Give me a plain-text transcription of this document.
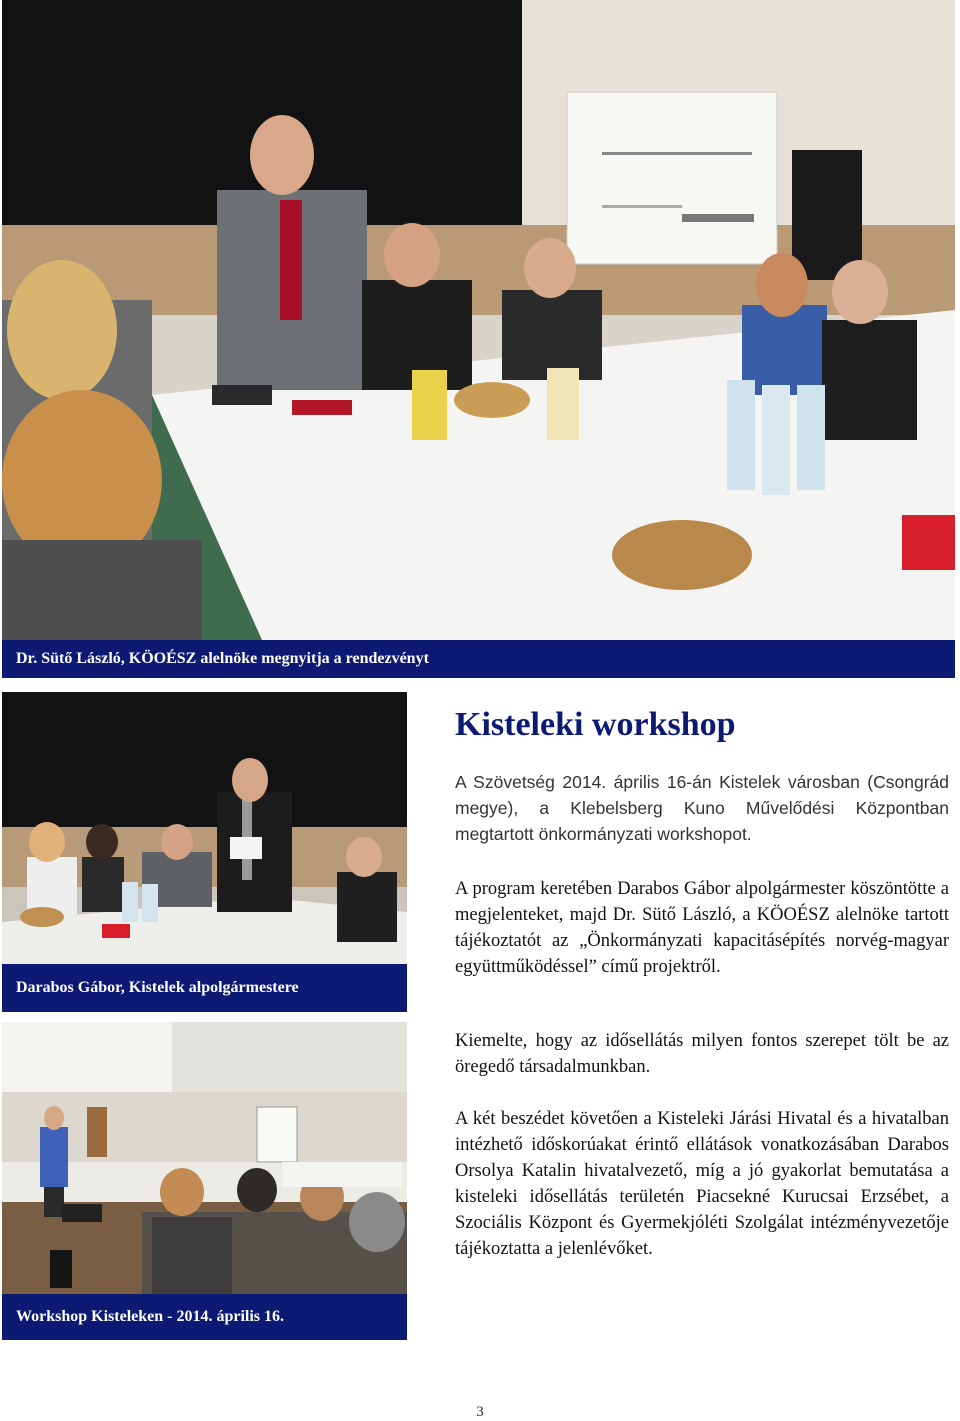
Dr. Sütő László, KÖOÉSZ alelnöke megnyitja a rendezvényt
Darabos Gábor, Kistelek alpolgármestere
Workshop Kisteleken - 2014. április 16.
Kisteleki workshop
A Szövetség 2014. április 16-án Kistelek városban (Csongrád megye), a Klebelsberg Kuno Művelődési Központban megtartott önkormányzati workshopot.
A program keretében Darabos Gábor alpolgármester köszöntötte a megjelenteket, majd Dr. Sütő László, a KÖOÉSZ alelnöke tartott tájékoztatót az „Önkormányzati kapacitásépítés norvég-magyar együttműködéssel” című projektről.
Kiemelte, hogy az idősellátás milyen fontos szerepet tölt be az öregedő társadalmunkban.
A két beszédet követően a Kisteleki Járási Hivatal és a hivatalban intézhető időskorúakat érintő ellátások vonatkozásában Darabos Orsolya Katalin hivatalvezető, míg a jó gyakorlat bemutatása a kisteleki idősellátás területén Piacsekné Kurucsai Erzsébet, a Szociális Központ és Gyermekjóléti Szolgálat intézményvezetője tájékoztatta a jelenlévőket.
3
